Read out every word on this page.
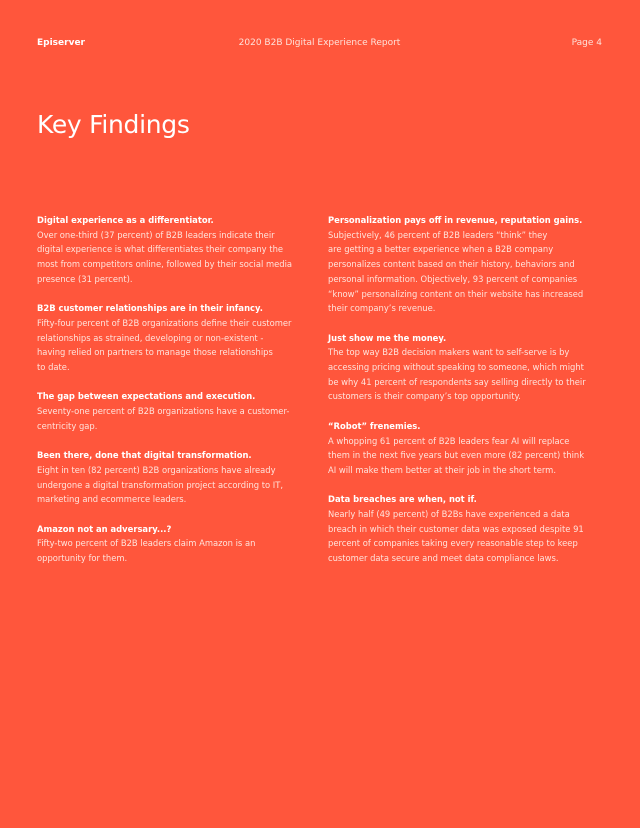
Episerver	2020 B2B Digital Experience Report	Page 4
Key Findings
Digital experience as a differentiator.
Over one-third (37 percent) of B2B leaders indicate their
digital experience is what differentiates their company the
most from competitors online, followed by their social media
presence (31 percent).
B2B customer relationships are in their infancy.
Fifty-four percent of B2B organizations define their customer
relationships as strained, developing or non-existent -
having relied on partners to manage those relationships
to date.
The gap between expectations and execution.
Seventy-one percent of B2B organizations have a customer-
centricity gap.
Been there, done that digital transformation.
Eight in ten (82 percent) B2B organizations have already
undergone a digital transformation project according to IT,
marketing and ecommerce leaders.
Amazon not an adversary...?
Fifty-two percent of B2B leaders claim Amazon is an
opportunity for them.
Personalization pays off in revenue, reputation gains.
Subjectively, 46 percent of B2B leaders “think” they
are getting a better experience when a B2B company
personalizes content based on their history, behaviors and
personal information. Objectively, 93 percent of companies
“know” personalizing content on their website has increased
their company’s revenue.
Just show me the money.
The top way B2B decision makers want to self-serve is by
accessing pricing without speaking to someone, which might
be why 41 percent of respondents say selling directly to their
customers is their company’s top opportunity.
“Robot” frenemies.
A whopping 61 percent of B2B leaders fear AI will replace
them in the next five years but even more (82 percent) think
AI will make them better at their job in the short term.
Data breaches are when, not if.
Nearly half (49 percent) of B2Bs have experienced a data
breach in which their customer data was exposed despite 91
percent of companies taking every reasonable step to keep
customer data secure and meet data compliance laws.
